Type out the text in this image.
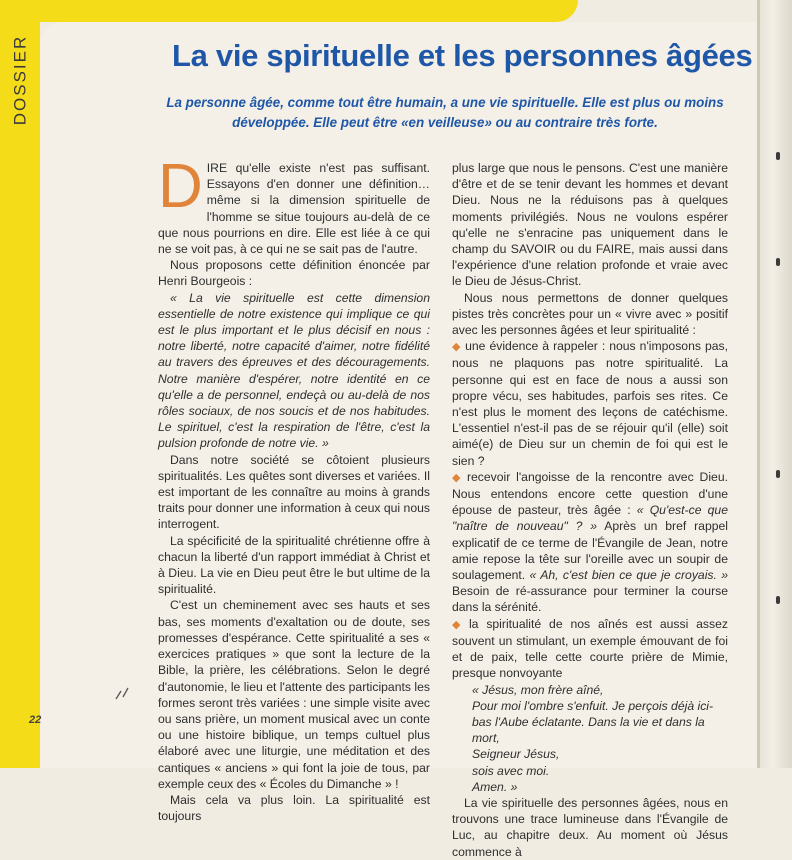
DOSSIER	La vie spirituelle et les personnes âgées

La personne âgée, comme tout être humain, a une vie spirituelle. Elle est plus ou moins développée. Elle peut être «en veilleuse» ou au contraire très forte.

DIRE qu'elle existe n'est pas suffisant. Essayons d'en donner une définition… même si la dimension spirituelle de l'homme se situe toujours au-delà de ce que nous pourrions en dire. Elle est liée à ce qui ne se voit pas, à ce qui ne se sait pas de l'autre.

Nous proposons cette définition énoncée par Henri Bourgeois :

« La vie spirituelle est cette dimension essentielle de notre existence qui implique ce qui est le plus important et le plus décisif en nous : notre liberté, notre capacité d'aimer, notre fidélité au travers des épreuves et des découragements. Notre manière d'espérer, notre identité en ce qu'elle a de personnel, endeçà ou au-delà de nos rôles sociaux, de nos soucis et de nos habitudes. Le spirituel, c'est la respiration de l'être, c'est la pulsion profonde de notre vie. »

Dans notre société se côtoient plusieurs spiritualités. Les quêtes sont diverses et variées. Il est important de les connaître au moins à grands traits pour donner une information à ceux qui nous interrogent.

La spécificité de la spiritualité chrétienne offre à chacun la liberté d'un rapport immédiat à Christ et à Dieu. La vie en Dieu peut être le but ultime de la spiritualité.

C'est un cheminement avec ses hauts et ses bas, ses moments d'exaltation ou de doute, ses promesses d'espérance. Cette spiritualité a ses « exercices pratiques » que sont la lecture de la Bible, la prière, les célébrations. Selon le degré d'autonomie, le lieu et l'attente des participants les formes seront très variées : une simple visite avec ou sans prière, un moment musical avec un conte ou une histoire biblique, un temps cultuel plus élaboré avec une liturgie, une méditation et des cantiques « anciens » qui font la joie de tous, par exemple ceux des « Écoles du Dimanche » !

Mais cela va plus loin. La spiritualité est toujours

plus large que nous le pensons. C'est une manière d'être et de se tenir devant les hommes et devant Dieu. Nous ne la réduisons pas à quelques moments privilégiés. Nous ne voulons espérer qu'elle ne s'enracine pas uniquement dans le champ du SAVOIR ou du FAIRE, mais aussi dans l'expérience d'une relation profonde et vraie avec le Dieu de Jésus-Christ.

Nous nous permettons de donner quelques pistes très concrètes pour un « vivre avec » positif avec les personnes âgées et leur spiritualité :

◆ une évidence à rappeler : nous n'imposons pas, nous ne plaquons pas notre spiritualité. La personne qui est en face de nous a aussi son propre vécu, ses habitudes, parfois ses rites. Ce n'est plus le moment des leçons de catéchisme. L'essentiel n'est-il pas de se réjouir qu'il (elle) soit aimé(e) de Dieu sur un chemin de foi qui est le sien ?

◆ recevoir l'angoisse de la rencontre avec Dieu. Nous entendons encore cette question d'une épouse de pasteur, très âgée : « Qu'est-ce que "naître de nouveau" ? » Après un bref rappel explicatif de ce terme de l'Évangile de Jean, notre amie repose la tête sur l'oreille avec un soupir de soulagement. « Ah, c'est bien ce que je croyais. » Besoin de ré-assurance pour terminer la course dans la sérénité.

◆ la spiritualité de nos aînés est aussi assez souvent un stimulant, un exemple émouvant de foi et de paix, telle cette courte prière de Mimie, presque nonvoyante

« Jésus, mon frère aîné,

Pour moi l'ombre s'enfuit. Je perçois déjà ici-bas l'Aube éclatante. Dans la vie et dans la mort,

Seigneur Jésus,

sois avec moi.

Amen. »

La vie spirituelle des personnes âgées, nous en trouvons une trace lumineuse dans l'Évangile de Luc, au chapitre deux. Au moment où Jésus commence à

22
